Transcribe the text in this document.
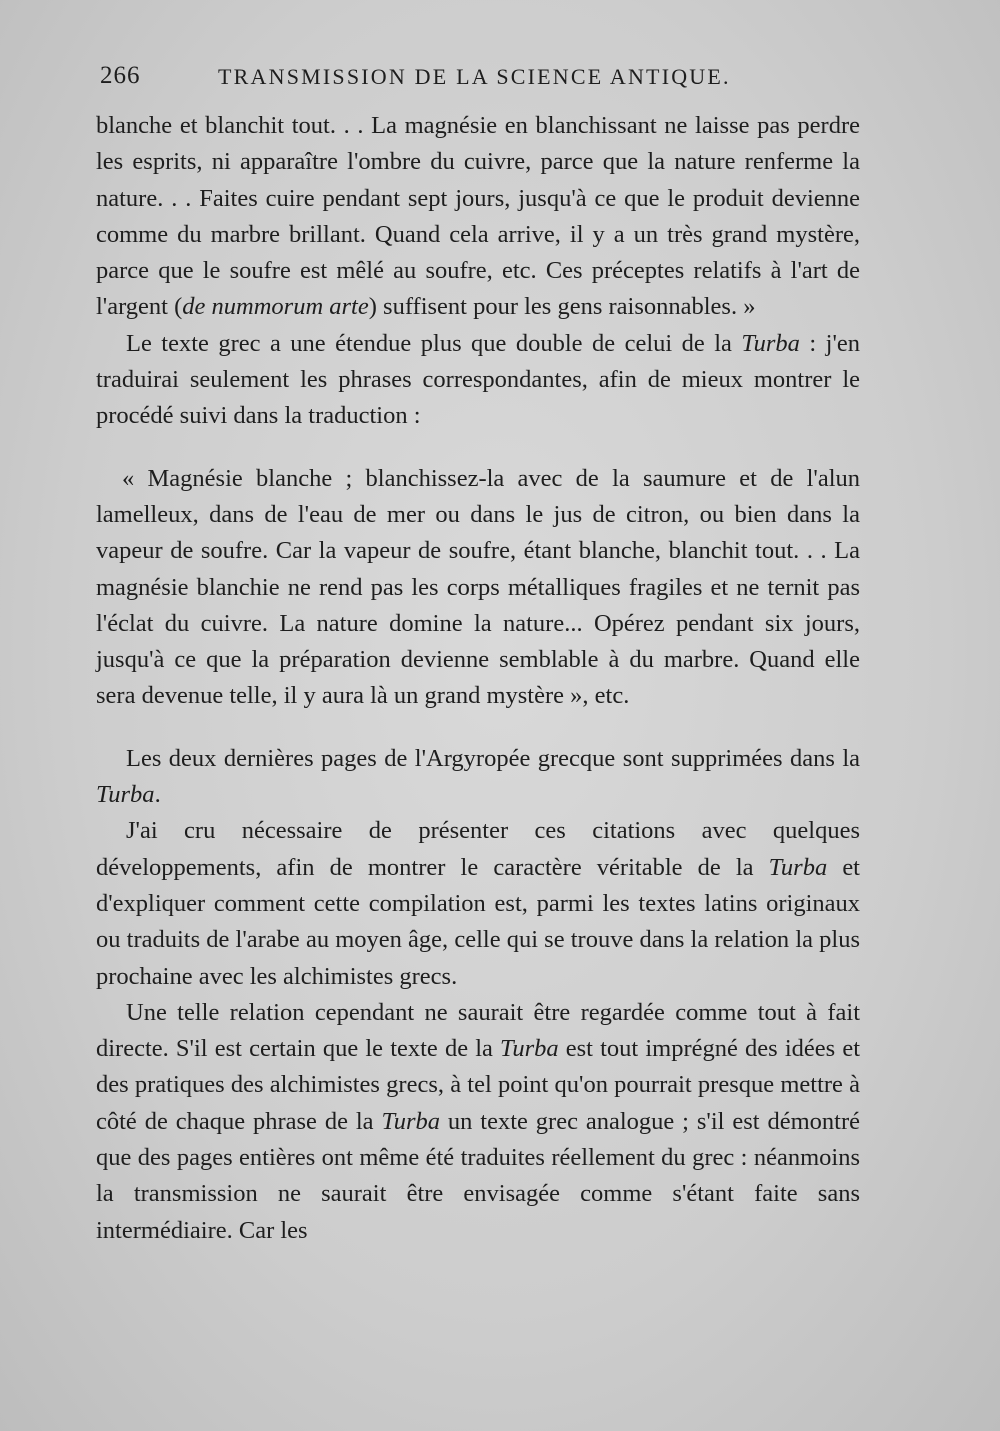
266	TRANSMISSION DE LA SCIENCE ANTIQUE.

blanche et blanchit tout. . . La magnésie en blanchissant ne laisse pas perdre les esprits, ni apparaître l'ombre du cuivre, parce que la nature renferme la nature. . . Faites cuire pendant sept jours, jusqu'à ce que le produit devienne comme du marbre brillant. Quand cela arrive, il y a un très grand mystère, parce que le soufre est mêlé au soufre, etc. Ces préceptes relatifs à l'art de l'argent (de nummorum arte) suffisent pour les gens raisonnables. »

Le texte grec a une étendue plus que double de celui de la Turba : j'en traduirai seulement les phrases correspondantes, afin de mieux montrer le procédé suivi dans la traduction :

« Magnésie blanche ; blanchissez-la avec de la saumure et de l'alun lamelleux, dans de l'eau de mer ou dans le jus de citron, ou bien dans la vapeur de soufre. Car la vapeur de soufre, étant blanche, blanchit tout. . . La magnésie blanchie ne rend pas les corps métalliques fragiles et ne ternit pas l'éclat du cuivre. La nature domine la nature... Opérez pendant six jours, jusqu'à ce que la préparation devienne semblable à du marbre. Quand elle sera devenue telle, il y aura là un grand mystère », etc.

Les deux dernières pages de l'Argyropée grecque sont supprimées dans la Turba.

J'ai cru nécessaire de présenter ces citations avec quelques développements, afin de montrer le caractère véritable de la Turba et d'expliquer comment cette compilation est, parmi les textes latins originaux ou traduits de l'arabe au moyen âge, celle qui se trouve dans la relation la plus prochaine avec les alchimistes grecs.

Une telle relation cependant ne saurait être regardée comme tout à fait directe. S'il est certain que le texte de la Turba est tout imprégné des idées et des pratiques des alchimistes grecs, à tel point qu'on pourrait presque mettre à côté de chaque phrase de la Turba un texte grec analogue ; s'il est démontré que des pages entières ont même été traduites réellement du grec : néanmoins la transmission ne saurait être envisagée comme s'étant faite sans intermédiaire. Car les
